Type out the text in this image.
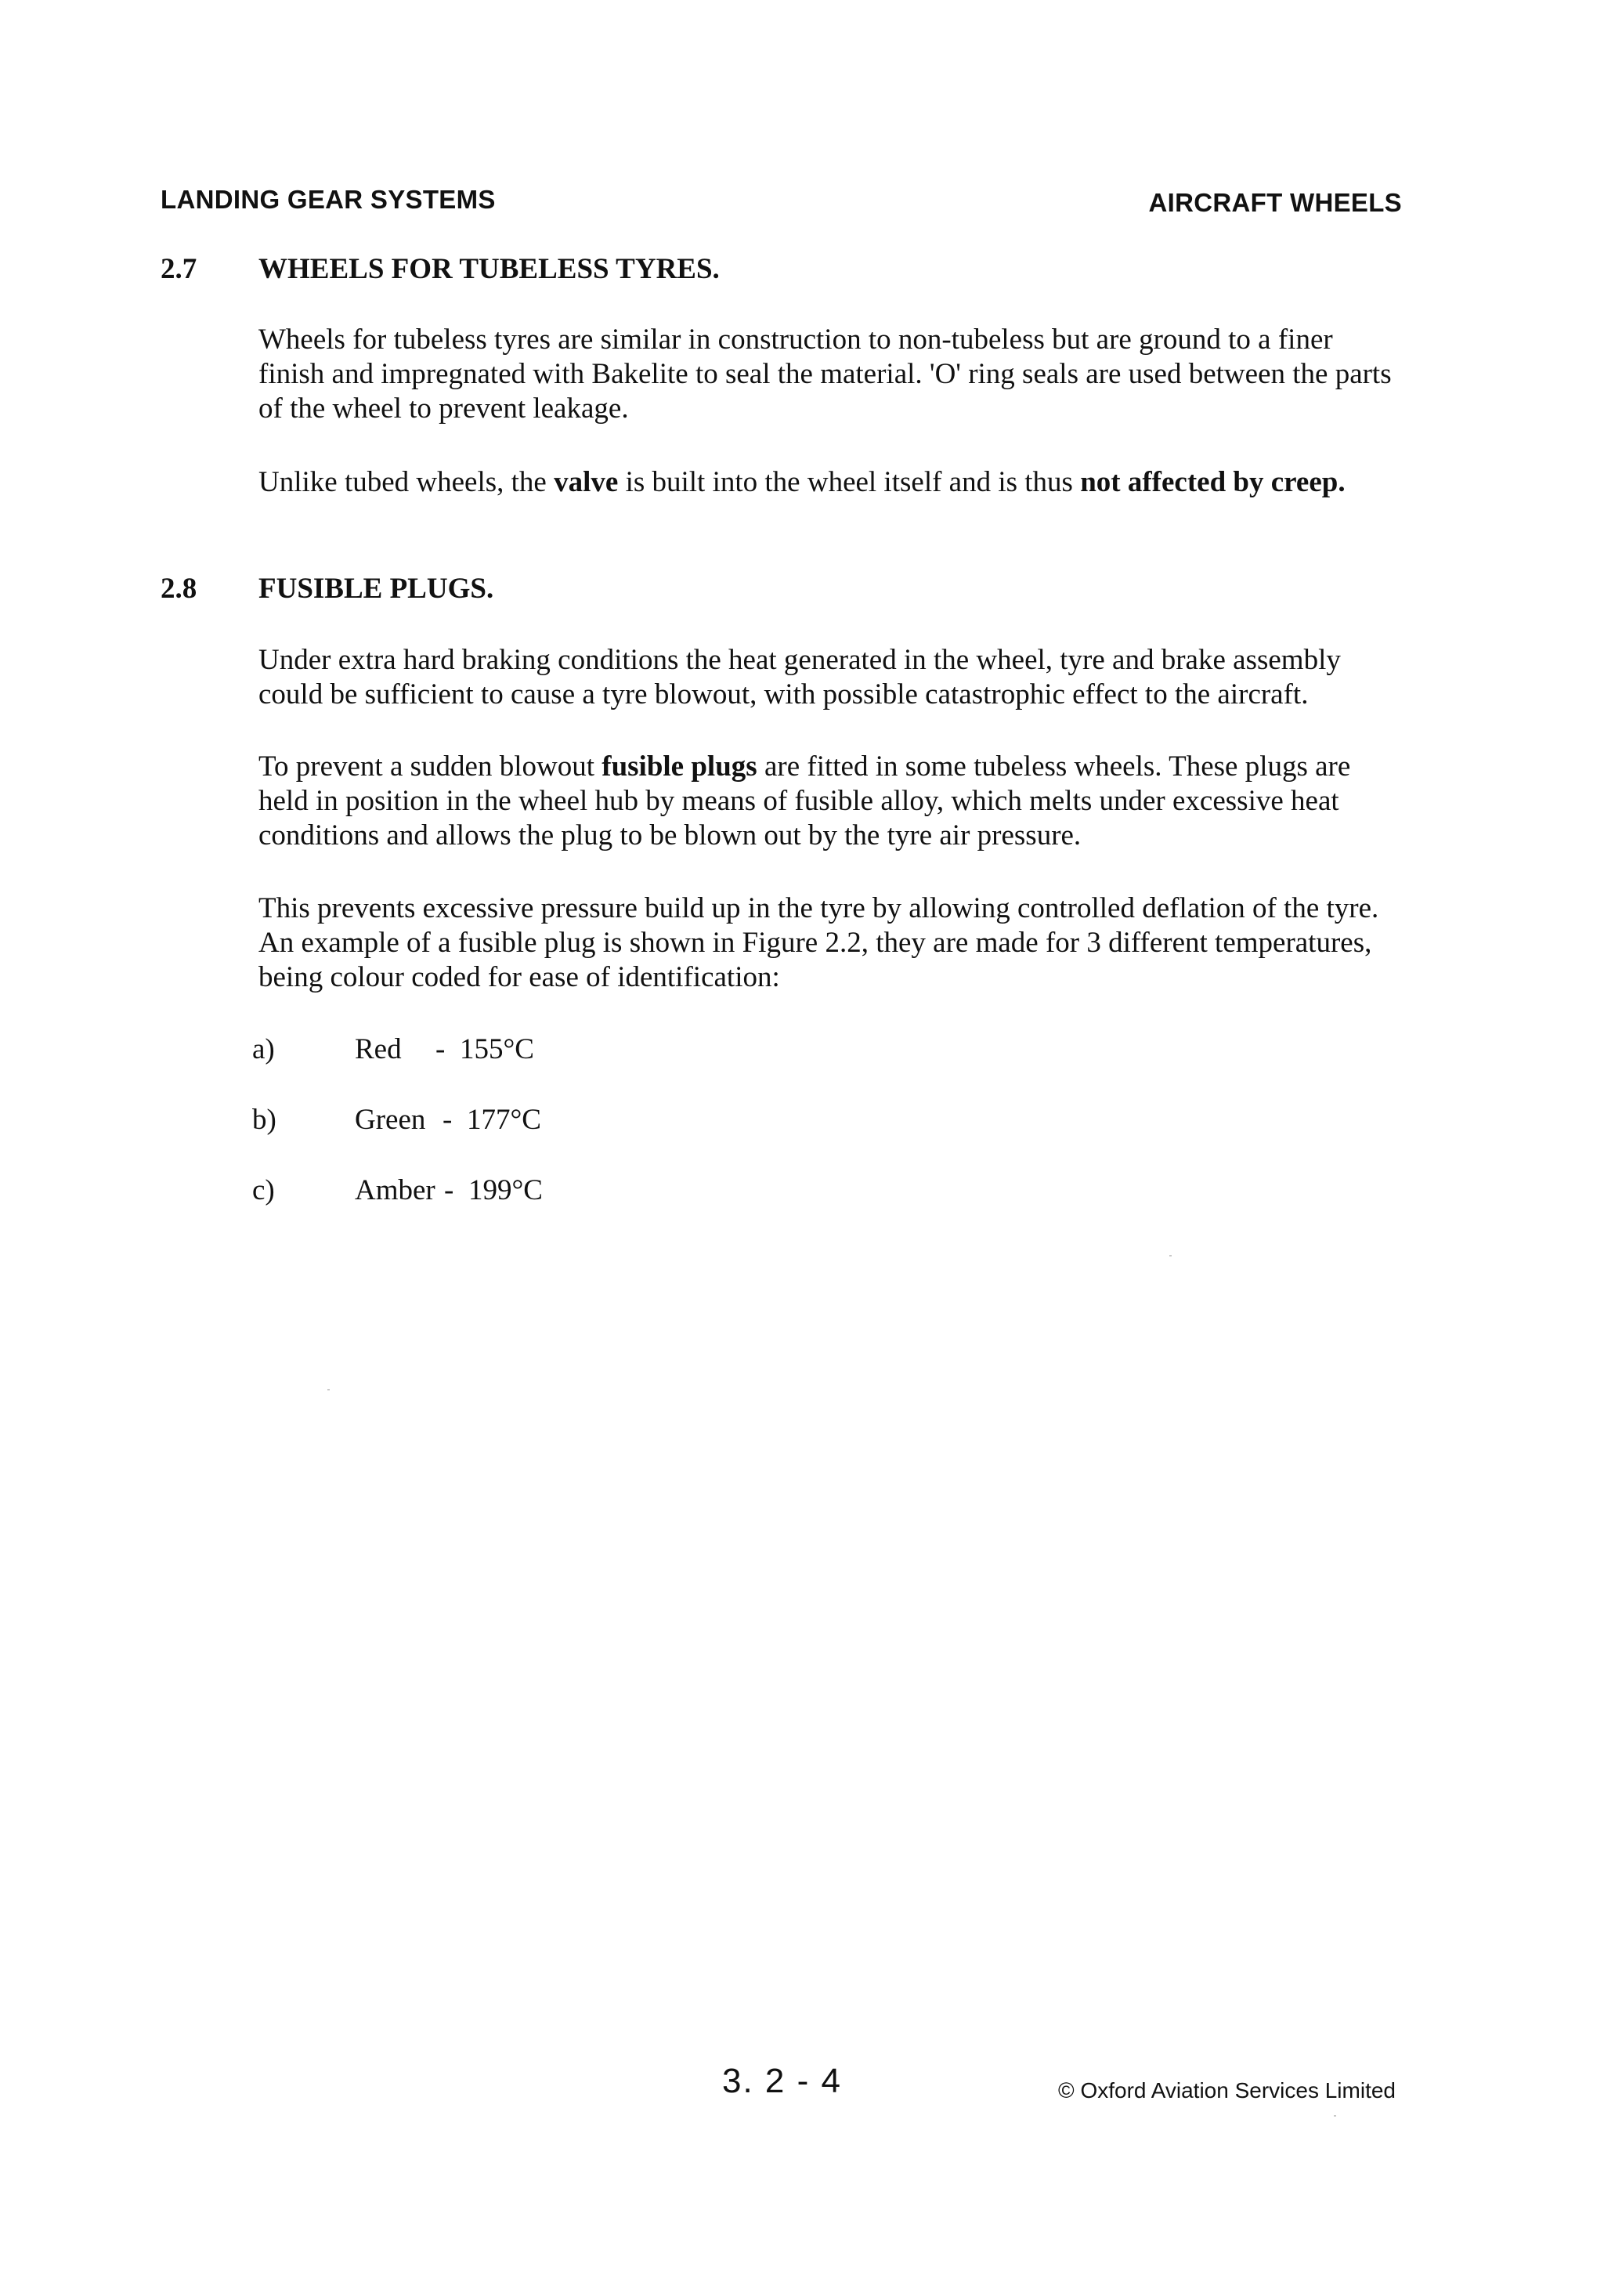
LANDING GEAR SYSTEMS	AIRCRAFT WHEELS
2.7 WHEELS FOR TUBELESS TYRES.

Wheels for tubeless tyres are similar in construction to non-tubeless but are ground to a finer finish and impregnated with Bakelite to seal the material. 'O' ring seals are used between the parts of the wheel to prevent leakage.

Unlike tubed wheels, the valve is built into the wheel itself and is thus not affected by creep.

2.8 FUSIBLE PLUGS.

Under extra hard braking conditions the heat generated in the wheel, tyre and brake assembly could be sufficient to cause a tyre blowout, with possible catastrophic effect to the aircraft.

To prevent a sudden blowout fusible plugs are fitted in some tubeless wheels. These plugs are held in position in the wheel hub by means of fusible alloy, which melts under excessive heat conditions and allows the plug to be blown out by the tyre air pressure.

This prevents excessive pressure build up in the tyre by allowing controlled deflation of the tyre. An example of a fusible plug is shown in Figure 2.2, they are made for 3 different temperatures, being colour coded for ease of identification:

a)	Red - 155°C
b)	Green - 177°C
c)	Amber - 199°C
3. 2 - 4	© Oxford Aviation Services Limited
